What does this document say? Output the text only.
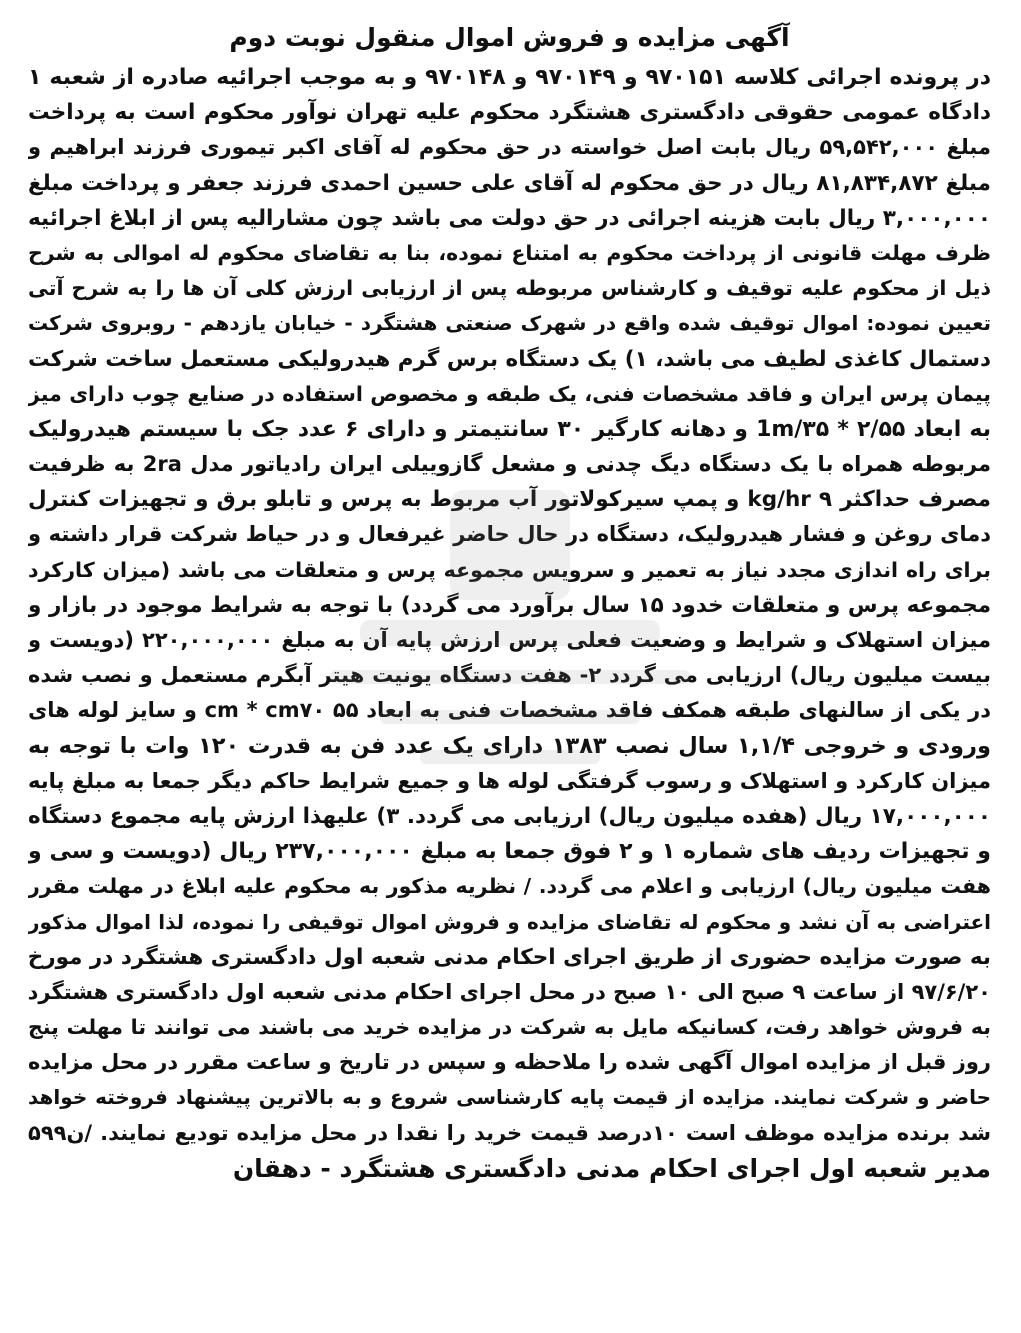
آگهی مزایده و فروش اموال منقول نوبت دوم
در پرونده اجرائی کلاسه ۹۷۰۱۵۱ و ۹۷۰۱۴۹ و ۹۷۰۱۴۸ و به موجب اجرائیه صادره از شعبه ۱
دادگاه عمومی حقوقی دادگستری هشتگرد محکوم علیه تهران نوآور محکوم است به پرداخت
مبلغ ۵۹,۵۴۲,۰۰۰ ریال بابت اصل خواسته در حق محکوم له آقای اکبر تیموری فرزند ابراهیم و
مبلغ ۸۱,۸۳۴,۸۷۲ ریال در حق محکوم له آقای علی حسین احمدی فرزند جعفر و پرداخت مبلغ
۳,۰۰۰,۰۰۰ ریال بابت هزینه اجرائی در حق دولت می باشد چون مشارالیه پس از ابلاغ اجرائیه
ظرف مهلت قانونی از پرداخت محکوم به امتناع نموده، بنا به تقاضای محکوم له اموالی به شرح
ذیل از محکوم علیه توقیف و کارشناس مربوطه پس از ارزیابی ارزش کلی آن ها را به شرح آتی
تعیین نموده: اموال توقیف شده واقع در شهرک صنعتی هشتگرد - خیابان یازدهم - روبروی شرکت
دستمال کاغذی لطیف می باشد، ۱) یک دستگاه برس گرم هیدرولیکی مستعمل ساخت شرکت
پیمان پرس ایران و فاقد مشخصات فنی، یک طبقه و مخصوص استفاده در صنایع چوب دارای میز
به ابعاد ۲/۵۵ * 1m/۳۵ و دهانه کارگیر ۳۰ سانتیمتر و دارای ۶ عدد جک با سیستم هیدرولیک
مربوطه همراه با یک دستگاه دیگ چدنی و مشعل گازوییلی ایران رادیاتور مدل 2ra به ظرفیت
مصرف حداکثر kg/hr ۹ و پمپ سیرکولاتور آب مربوط به پرس و تابلو برق و تجهیزات کنترل
دمای روغن و فشار هیدرولیک، دستگاه در حال حاضر غیرفعال و در حیاط شرکت قرار داشته و
برای راه اندازی مجدد نیاز به تعمیر و سرویس مجموعه پرس و متعلقات می باشد (میزان کارکرد
مجموعه پرس و متعلقات خدود ۱۵ سال برآورد می گردد) با توجه به شرایط موجود در بازار و
میزان استهلاک و شرایط و وضعیت فعلی پرس ارزش پایه آن به مبلغ ۲۲۰,۰۰۰,۰۰۰ (دویست و
بیست میلیون ریال) ارزیابی می گردد ۲- هفت دستگاه یونیت هیتر آبگرم مستعمل و نصب شده
در یکی از سالنهای طبقه همکف فاقد مشخصات فنی به ابعاد ۵۵ cm * cm۷۰ و سایز لوله های
ورودی و خروجی ۱,۱/۴ سال نصب ۱۳۸۳ دارای یک عدد فن به قدرت ۱۲۰ وات با توجه به
میزان کارکرد و استهلاک و رسوب گرفتگی لوله ها و جمیع شرایط حاکم دیگر جمعا به مبلغ پایه
۱۷,۰۰۰,۰۰۰ ریال (هفده میلیون ریال) ارزیابی می گردد. ۳) علیهذا ارزش پایه مجموع دستگاه
و تجهیزات ردیف های شماره ۱ و ۲ فوق جمعا به مبلغ ۲۳۷,۰۰۰,۰۰۰ ریال (دویست و سی و
هفت میلیون ریال) ارزیابی و اعلام می گردد. / نظریه مذکور به محکوم علیه ابلاغ در مهلت مقرر
اعتراضی به آن نشد و محکوم له تقاضای مزایده و فروش اموال توقیفی را نموده، لذا اموال مذکور
به صورت مزایده حضوری از طریق اجرای احکام مدنی شعبه اول دادگستری هشتگرد در مورخ
۹۷/۶/۲۰ از ساعت ۹ صبح الی ۱۰ صبح در محل اجرای احکام مدنی شعبه اول دادگستری هشتگرد
به فروش خواهد رفت، کسانیکه مایل به شرکت در مزایده خرید می باشند می توانند تا مهلت پنج
روز قبل از مزایده اموال آگهی شده را ملاحظه و سپس در تاریخ و ساعت مقرر در محل مزایده
حاضر و شرکت نمایند. مزایده از قیمت پایه کارشناسی شروع و به بالاترین پیشنهاد فروخته خواهد
شد برنده مزایده موظف است ۱۰درصد قیمت خرید را نقدا در محل مزایده تودیع نمایند. /ن۵۹۹
مدیر شعبه اول اجرای احکام مدنی دادگستری هشتگرد - دهقان
